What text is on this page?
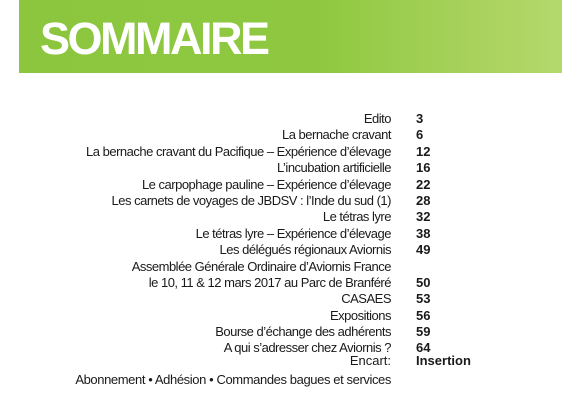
SOMMAIRE
Edito 3
La bernache cravant 6
La bernache cravant du Pacifique – Expérience d’élevage 12
L’incubation artificielle 16
Le carpophage pauline – Expérience d’élevage 22
Les carnets de voyages de JBDSV : l’Inde du sud (1) 28
Le tétras lyre 32
Le tétras lyre – Expérience d’élevage 38
Les délégués régionaux Aviornis 49
Assemblée Générale Ordinaire d’Aviornis France
le 10, 11 & 12 mars 2017 au Parc de Branféré 50
CASAES 53
Expositions 56
Bourse d’échange des adhérents 59
A qui s’adresser chez Aviornis ? 64
Encart: Insertion
Abonnement • Adhésion • Commandes bagues et services
